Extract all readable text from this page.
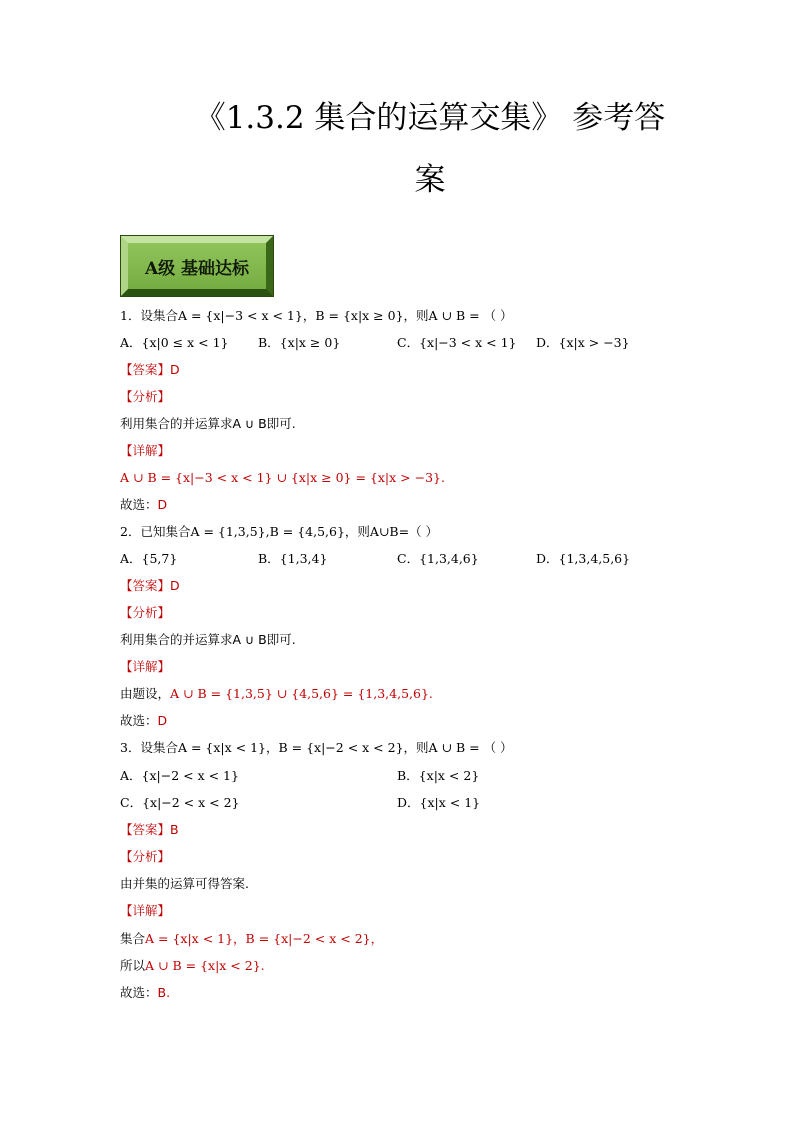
《1.3.2 集合的运算交集》 参考答
案
A级 基础达标
1．设集合A = {x|−3 < x < 1}，B = {x|x ≥ 0}，则A ∪ B = （ ）
A．{x|0 ≤ x < 1} B．{x|x ≥ 0}	C．{x|−3 < x < 1} D．{x|x > −3}
【答案】D
【分析】
利用集合的并运算求A ∪ B即可.
【详解】
A ∪ B = {x|−3 < x < 1} ∪ {x|x ≥ 0} = {x|x > −3}.
故选：D
2．已知集合A = {1,3,5},B = {4,5,6}，则A∪B=（ ）
A．{5,7}	B．{1,3,4}	C．{1,3,4,6}	D．{1,3,4,5,6}
【答案】D
【分析】
利用集合的并运算求A ∪ B即可.
【详解】
由题设，A ∪ B = {1,3,5} ∪ {4,5,6} = {1,3,4,5,6}.
故选：D
3．设集合A = {x|x < 1}，B = {x|−2 < x < 2}，则A ∪ B = （ ）
A．{x|−2 < x < 1}	B．{x|x < 2}
C．{x|−2 < x < 2}	D．{x|x < 1}
【答案】B
【分析】
由并集的运算可得答案.
【详解】
集合A = {x|x < 1}，B = {x|−2 < x < 2}，
所以A ∪ B = {x|x < 2}.
故选：B.
